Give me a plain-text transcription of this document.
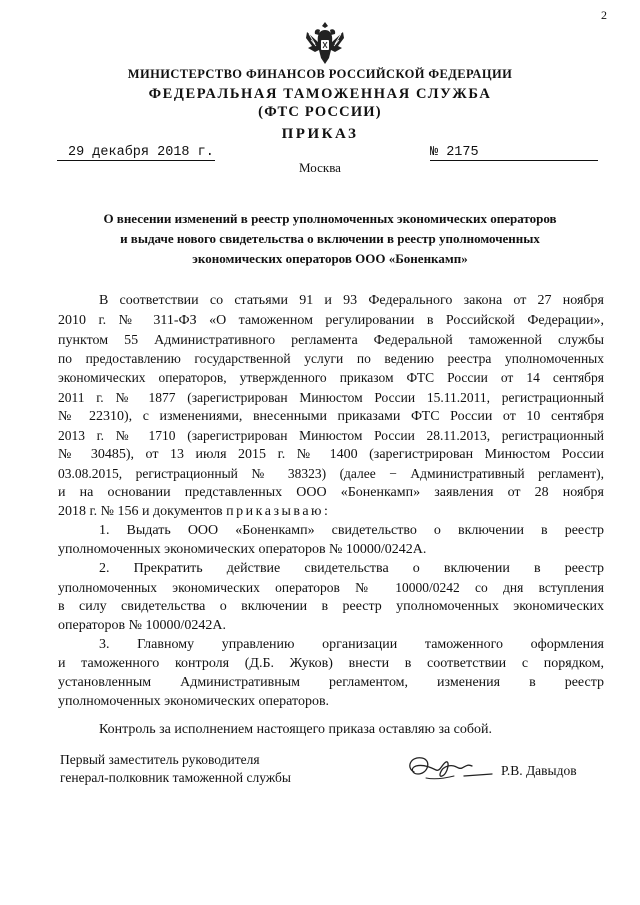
2
МИНИСТЕРСТВО ФИНАНСОВ РОССИЙСКОЙ ФЕДЕРАЦИИ
ФЕДЕРАЛЬНАЯ ТАМОЖЕННАЯ СЛУЖБА
(ФТС РОССИИ)
ПРИКАЗ
29 декабря 2018 г.	№ 2175
Москва
О внесении изменений в реестр уполномоченных экономических операторов
и выдаче нового свидетельства о включении в реестр уполномоченных
экономических операторов ООО «Боненкамп»
В соответствии со статьями 91 и 93 Федерального закона от 27 ноября
2010 г. № 311-ФЗ «О таможенном регулировании в Российской Федерации»,
пунктом 55 Административного регламента Федеральной таможенной службы
по предоставлению государственной услуги по ведению реестра уполномоченных
экономических операторов, утвержденного приказом ФТС России от 14 сентября
2011 г. № 1877 (зарегистрирован Минюстом России 15.11.2011, регистрационный
№ 22310), с изменениями, внесенными приказами ФТС России от 10 сентября
2013 г. № 1710 (зарегистрирован Минюстом России 28.11.2013, регистрационный
№ 30485), от 13 июля 2015 г. № 1400 (зарегистрирован Минюстом России
03.08.2015, регистрационный № 38323) (далее − Административный регламент),
и на основании представленных ООО «Боненкамп» заявления от 28 ноября
2018 г. № 156 и документов приказываю:
1. Выдать ООО «Боненкамп» свидетельство о включении в реестр
уполномоченных экономических операторов № 10000/0242А.
2. Прекратить действие свидетельства о включении в реестр
уполномоченных экономических операторов № 10000/0242 со дня вступления
в силу свидетельства о включении в реестр уполномоченных экономических
операторов № 10000/0242А.
3. Главному управлению организации таможенного оформления
и таможенного контроля (Д.Б. Жуков) внести в соответствии с порядком,
установленным Административным регламентом, изменения в реестр
уполномоченных экономических операторов.
Контроль за исполнением настоящего приказа оставляю за собой.
Первый заместитель руководителя
генерал-полковник таможенной службы	Р.В. Давыдов
